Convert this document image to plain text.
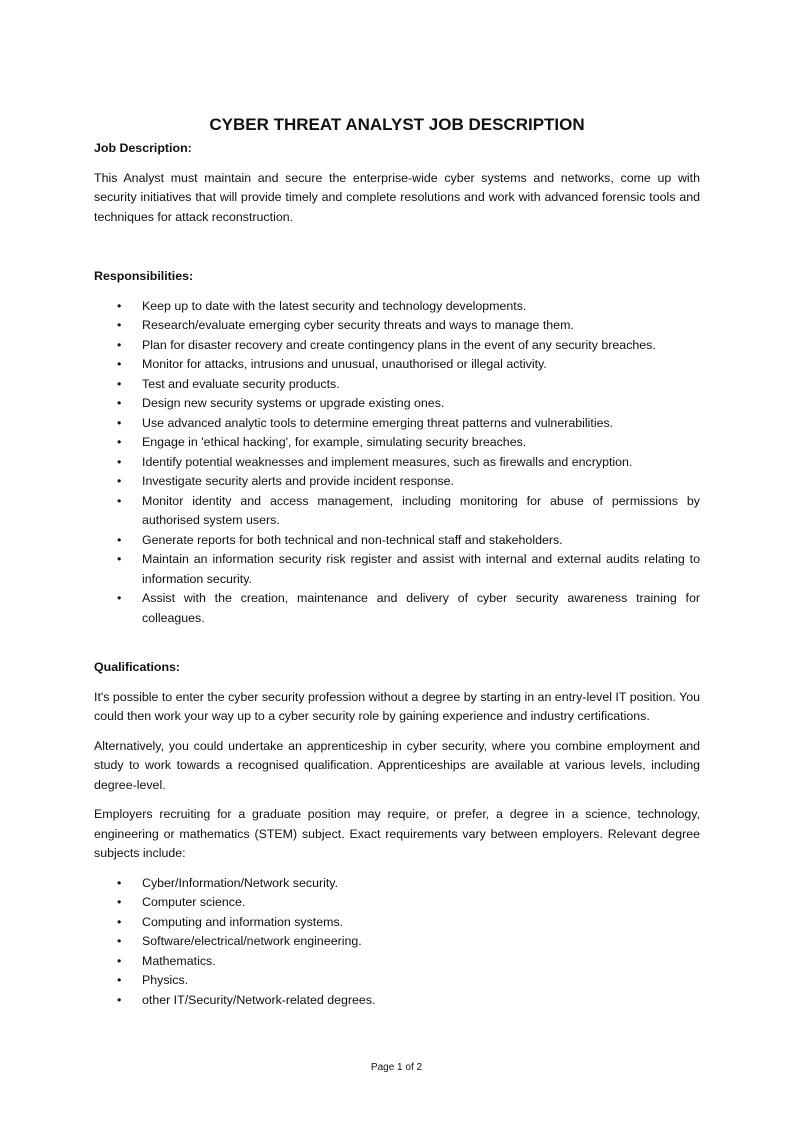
CYBER THREAT ANALYST JOB DESCRIPTION

Job Description:

This Analyst must maintain and secure the enterprise-wide cyber systems and networks, come up with security initiatives that will provide timely and complete resolutions and work with advanced forensic tools and techniques for attack reconstruction.

Responsibilities:

• Keep up to date with the latest security and technology developments.
• Research/evaluate emerging cyber security threats and ways to manage them.
• Plan for disaster recovery and create contingency plans in the event of any security breaches.
• Monitor for attacks, intrusions and unusual, unauthorised or illegal activity.
• Test and evaluate security products.
• Design new security systems or upgrade existing ones.
• Use advanced analytic tools to determine emerging threat patterns and vulnerabilities.
• Engage in 'ethical hacking', for example, simulating security breaches.
• Identify potential weaknesses and implement measures, such as firewalls and encryption.
• Investigate security alerts and provide incident response.
• Monitor identity and access management, including monitoring for abuse of permissions by authorised system users.
• Generate reports for both technical and non-technical staff and stakeholders.
• Maintain an information security risk register and assist with internal and external audits relating to information security.
• Assist with the creation, maintenance and delivery of cyber security awareness training for colleagues.

Qualifications:

It's possible to enter the cyber security profession without a degree by starting in an entry-level IT position. You could then work your way up to a cyber security role by gaining experience and industry certifications.

Alternatively, you could undertake an apprenticeship in cyber security, where you combine employment and study to work towards a recognised qualification. Apprenticeships are available at various levels, including degree-level.

Employers recruiting for a graduate position may require, or prefer, a degree in a science, technology, engineering or mathematics (STEM) subject. Exact requirements vary between employers. Relevant degree subjects include:

• Cyber/Information/Network security.
• Computer science.
• Computing and information systems.
• Software/electrical/network engineering.
• Mathematics.
• Physics.
• other IT/Security/Network-related degrees.
Page 1 of 2
